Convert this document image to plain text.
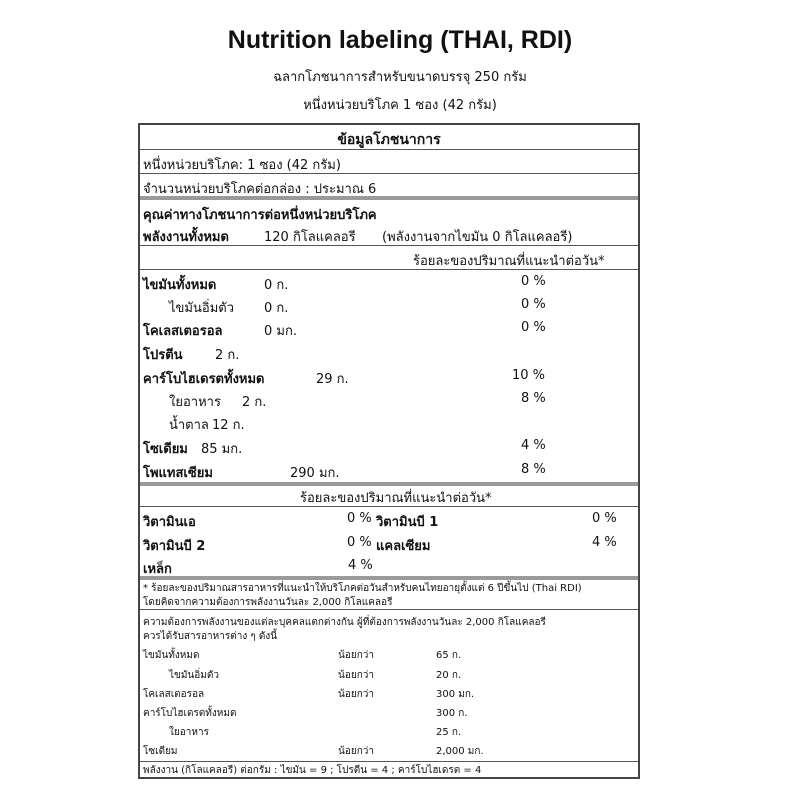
Nutrition labeling (THAI, RDI)
ฉลากโภชนาการสำหรับขนาดบรรจุ 250 กรัม
หนึ่งหน่วยบริโภค 1 ซอง (42 กรัม)
ข้อมูลโภชนาการ
หนึ่งหน่วยบริโภค: 1 ซอง (42 กรัม)
จำนวนหน่วยบริโภคต่อกล่อง : ประมาณ 6
คุณค่าทางโภชนาการต่อหนึ่งหน่วยบริโภค
พลังงานทั้งหมด	120 กิโลแคลอรี (พลังงานจากไขมัน 0 กิโลแคลอรี)
ร้อยละของปริมาณที่แนะนำต่อวัน*
ไขมันทั้งหมด	0 ก.	0 %
ไขมันอิ่มตัว 0 ก.	0 %
โคเลสเตอรอล	0 มก.	0 %
โปรตีน 2 ก.
คาร์โบไฮเดรตทั้งหมด	29 ก.	10 %
ใยอาหาร 2 ก.	8 %
น้ำตาล 12 ก.
โซเดียม 85 มก.	4 %
โพแทสเซียม	290 มก.	8 %
ร้อยละของปริมาณที่แนะนำต่อวัน*
วิตามินเอ	0 % วิตามินบี 1	0 %
วิตามินบี 2	0 % แคลเซียม	4 %
เหล็ก	4 %
* ร้อยละของปริมาณสารอาหารที่แนะนำให้บริโภคต่อวันสำหรับคนไทยอายุตั้งแต่ 6 ปีขึ้นไป (Thai RDI)
โดยคิดจากความต้องการพลังงานวันละ 2,000 กิโลแคลอรี
ความต้องการพลังงานของแต่ละบุคคลแตกต่างกัน ผู้ที่ต้องการพลังงานวันละ 2,000 กิโลแคลอรี
ควรได้รับสารอาหารต่าง ๆ ดังนี้
ไขมันทั้งหมด	น้อยกว่า	65 ก.
ไขมันอิ่มตัว	น้อยกว่า	20 ก.
โคเลสเตอรอล	น้อยกว่า	300 มก.
คาร์โบไฮเดรตทั้งหมด	300 ก.
ใยอาหาร	25 ก.
โซเดียม	น้อยกว่า	2,000 มก.
พลังงาน (กิโลแคลอรี) ต่อกรัม : ไขมัน = 9 ; โปรตีน = 4 ; คาร์โบไฮเดรต = 4
